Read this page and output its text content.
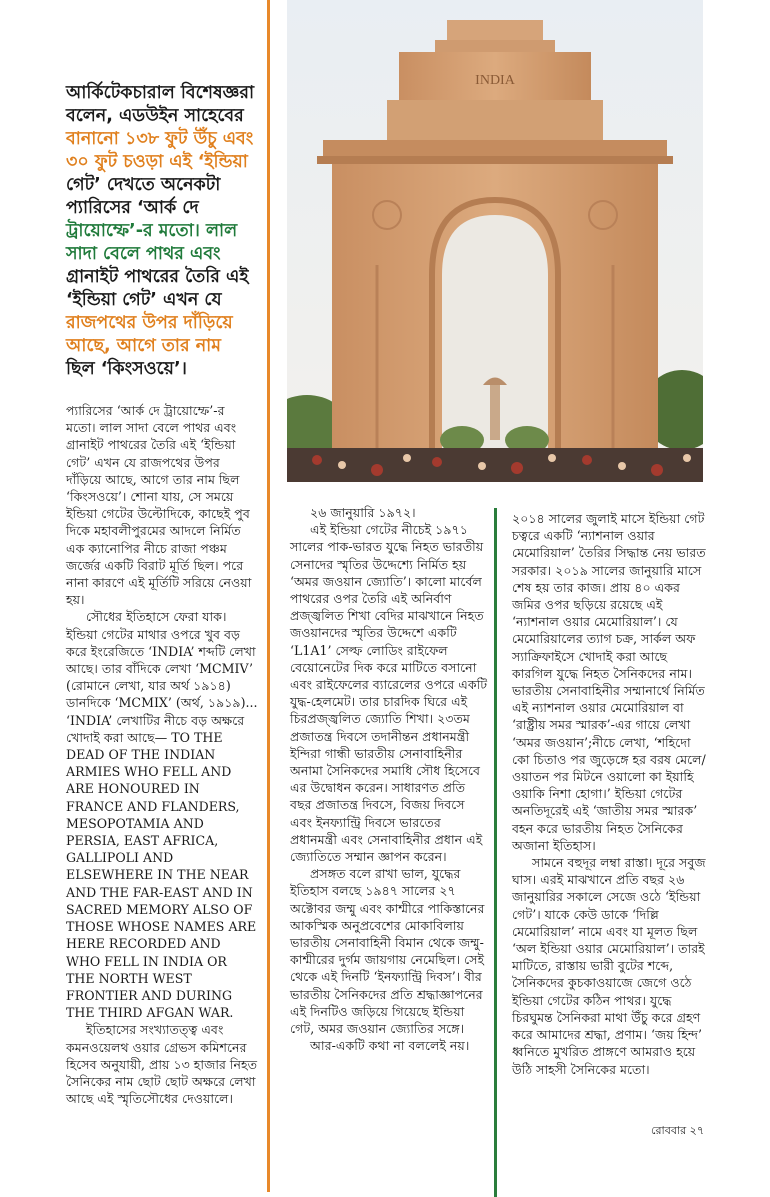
INDIA
আর্কিটেকচারাল বিশেষজ্ঞরা
বলেন, এডউইন সাহেবের
বানানো ১৩৮ ফুট উঁচু এবং
৩০ ফুট চওড়া এই ‘ইন্ডিয়া
গেট’ দেখতে অনেকটা
প্যারিসের ‘আর্ক দে
ট্রায়োম্ফে’-র মতো। লাল
সাদা বেলে পাথর এবং
গ্রানাইট পাথরের তৈরি এই
‘ইন্ডিয়া গেট’ এখন যে
রাজপথের উপর দাঁড়িয়ে
আছে, আগে তার নাম
ছিল ‘কিংসওয়ে’।

প্যারিসের ‘আর্ক দে ট্রায়োম্ফে’-র মতো। লাল সাদা বেলে পাথর এবং গ্রানাইট পাথরের তৈরি এই ‘ইন্ডিয়া গেট’ এখন যে রাজপথের উপর দাঁড়িয়ে আছে, আগে তার নাম ছিল ‘কিংসওয়ে’। শোনা যায়, সে সময়ে ইন্ডিয়া গেটের উল্টোদিকে, কাছেই পুব দিকে মহাবলীপুরমের আদলে নির্মিত এক ক্যানোপির নীচে রাজা পঞ্চম জর্জের একটি বিরাট মূর্তি ছিল। পরে নানা কারণে এই মূর্তিটি সরিয়ে নেওয়া হয়।

সৌধের ইতিহাসে ফেরা যাক। ইন্ডিয়া গেটের মাথার ওপরে খুব বড় করে ইংরেজিতে ‘INDIA’ শব্দটি লেখা আছে। তার বাঁদিকে লেখা ‘MCMIV’ (রোমানে লেখা, যার অর্থ ১৯১৪) ডানদিকে ‘MCMIX’ (অর্থ, ১৯১৯)... ‘INDIA’ লেখাটির নীচে বড় অক্ষরে খোদাই করা আছে— TO THE DEAD OF THE INDIAN ARMIES WHO FELL AND ARE HONOURED IN FRANCE AND FLANDERS, MESOPOTAMIA AND PERSIA, EAST AFRICA, GALLIPOLI AND ELSEWHERE IN THE NEAR AND THE FAR-EAST AND IN SACRED MEMORY ALSO OF THOSE WHOSE NAMES ARE HERE RECORDED AND WHO FELL IN INDIA OR THE NORTH WEST FRONTIER AND DURING THE THIRD AFGAN WAR.

ইতিহাসের সংখ্যাতত্ত্ব এবং কমনওয়েলথ ওয়ার গ্রেভস কমিশনের হিসেব অনুযায়ী, প্রায় ১৩ হাজার নিহত সৈনিকের নাম ছোট ছোট অক্ষরে লেখা আছে এই স্মৃতিসৌধের দেওয়ালে।

২৬ জানুয়ারি ১৯৭২।

এই ইন্ডিয়া গেটের নীচেই ১৯৭১ সালের পাক-ভারত যুদ্ধে নিহত ভারতীয় সেনাদের স্মৃতির উদ্দেশ্যে নির্মিত হয় ‘অমর জওয়ান জ্যোতি’। কালো মার্বেল পাথরের ওপর তৈরি এই অনির্বাণ প্রজ্জ্বলিত শিখা বেদির মাঝখানে নিহত জওয়ানদের স্মৃতির উদ্দেশে একটি ‘L1A1’ সেল্ফ লোডিং রাইফেল বেয়োনেটের দিক করে মাটিতে বসানো এবং রাইফেলের ব্যারেলের ওপরে একটি যুদ্ধ-হেলমেট। তার চারদিক ঘিরে এই চিরপ্রজ্জ্বলিত জ্যোতি শিখা। ২৩তম প্রজাতন্ত্র দিবসে তদানীন্তন প্রধানমন্ত্রী ইন্দিরা গান্ধী ভারতীয় সেনাবাহিনীর অনামা সৈনিকদের সমাধি সৌধ হিসেবে এর উদ্বোধন করেন। সাধারণত প্রতি বছর প্রজাতন্ত্র দিবসে, বিজয় দিবসে এবং ইনফ্যান্ট্রি দিবসে ভারতের প্রধানমন্ত্রী এবং সেনাবাহিনীর প্রধান এই জ্যোতিতে সম্মান জ্ঞাপন করেন।

প্রসঙ্গত বলে রাখা ভাল, যুদ্ধের ইতিহাস বলছে ১৯৪৭ সালের ২৭ অক্টোবর জম্মু এবং কাশ্মীরে পাকিস্তানের আকস্মিক অনুপ্রবেশের মোকাবিলায় ভারতীয় সেনাবাহিনী বিমান থেকে জম্মু-কাশ্মীরের দুর্গম জায়গায় নেমেছিল। সেই থেকে এই দিনটি ‘ইনফ্যান্ট্রি দিবস’। বীর ভারতীয় সৈনিকদের প্রতি শ্রদ্ধাজ্ঞাপনের এই দিনটিও জড়িয়ে গিয়েছে ইন্ডিয়া গেট, অমর জওয়ান জ্যোতির সঙ্গে।

আর-একটি কথা না বললেই নয়।

২০১৪ সালের জুলাই মাসে ইন্ডিয়া গেট চত্বরে একটি ‘ন্যাশনাল ওয়ার মেমোরিয়াল’ তৈরির সিদ্ধান্ত নেয় ভারত সরকার। ২০১৯ সালের জানুয়ারি মাসে শেষ হয় তার কাজ। প্রায় ৪০ একর জমির ওপর ছড়িয়ে রয়েছে এই ‘ন্যাশনাল ওয়ার মেমোরিয়াল’। যে মেমোরিয়ালের ত্যাগ চক্র, সার্কল অফ স্যাক্রিফাইসে খোদাই করা আছে কারগিল যুদ্ধে নিহত সৈনিকদের নাম। ভারতীয় সেনাবাহিনীর সম্মানার্থে নির্মিত এই ন্যাশনাল ওয়ার মেমোরিয়াল বা ‘রাষ্ট্রীয় সমর স্মারক’-এর গায়ে লেখা ‘অমর জওয়ান’;নীচে লেখা, ‘শহিদো কো চিতাও পর জুড়েঙ্গে হর বরষ মেলে/ ওয়াতন পর মিটনে ওয়ালো কা ইয়াহি ওয়াকি নিশা হোগা।’ ইন্ডিয়া গেটের অনতিদূরেই এই ‘জাতীয় সমর স্মারক’ বহন করে ভারতীয় নিহত সৈনিকের অজানা ইতিহাস।

সামনে বহুদূর লম্বা রাস্তা। দূরে সবুজ ঘাস। এরই মাঝখানে প্রতি বছর ২৬ জানুয়ারির সকালে সেজে ওঠে ‘ইন্ডিয়া গেট’। যাকে কেউ ডাকে ‘দিল্লি মেমোরিয়াল’ নামে এবং যা মূলত ছিল ‘অল ইন্ডিয়া ওয়ার মেমোরিয়াল’। তারই মাটিতে, রাস্তায় ভারী বুটের শব্দে, সৈনিকদের কুচকাওয়াজে জেগে ওঠে ইন্ডিয়া গেটের কঠিন পাথর। যুদ্ধে চিরঘুমন্ত সৈনিকরা মাথা উঁচু করে গ্রহণ করে আমাদের শ্রদ্ধা, প্রণাম। ‘জয় হিন্দ’ ধ্বনিতে মুখরিত প্রাঙ্গণে আমরাও হয়ে উঠি সাহসী সৈনিকের মতো।

রোববার ২৭
